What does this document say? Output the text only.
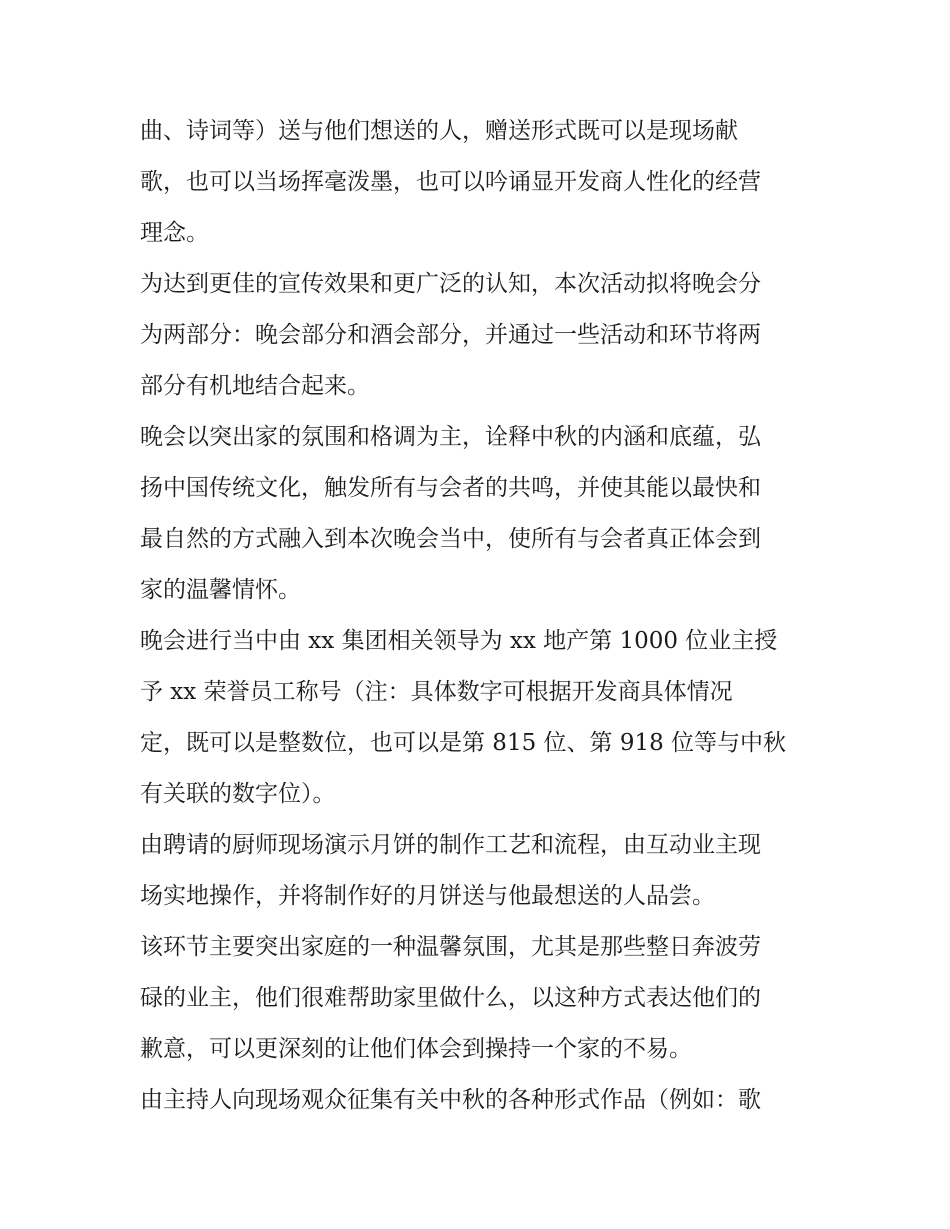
曲、诗词等）送与他们想送的人，赠送形式既可以是现场献
歌，也可以当场挥毫泼墨，也可以吟诵显开发商人性化的经营
理念。
为达到更佳的宣传效果和更广泛的认知，本次活动拟将晚会分
为两部分：晚会部分和酒会部分，并通过一些活动和环节将两
部分有机地结合起来。
晚会以突出家的氛围和格调为主，诠释中秋的内涵和底蕴，弘
扬中国传统文化，触发所有与会者的共鸣，并使其能以最快和
最自然的方式融入到本次晚会当中，使所有与会者真正体会到
家的温馨情怀。
晚会进行当中由 xx 集团相关领导为 xx 地产第 1000 位业主授
予 xx 荣誉员工称号（注：具体数字可根据开发商具体情况
定，既可以是整数位，也可以是第 815 位、第 918 位等与中秋
有关联的数字位）。
由聘请的厨师现场演示月饼的制作工艺和流程，由互动业主现
场实地操作，并将制作好的月饼送与他最想送的人品尝。
该环节主要突出家庭的一种温馨氛围，尤其是那些整日奔波劳
碌的业主，他们很难帮助家里做什么，以这种方式表达他们的
歉意，可以更深刻的让他们体会到操持一个家的不易。
由主持人向现场观众征集有关中秋的各种形式作品（例如：歌
